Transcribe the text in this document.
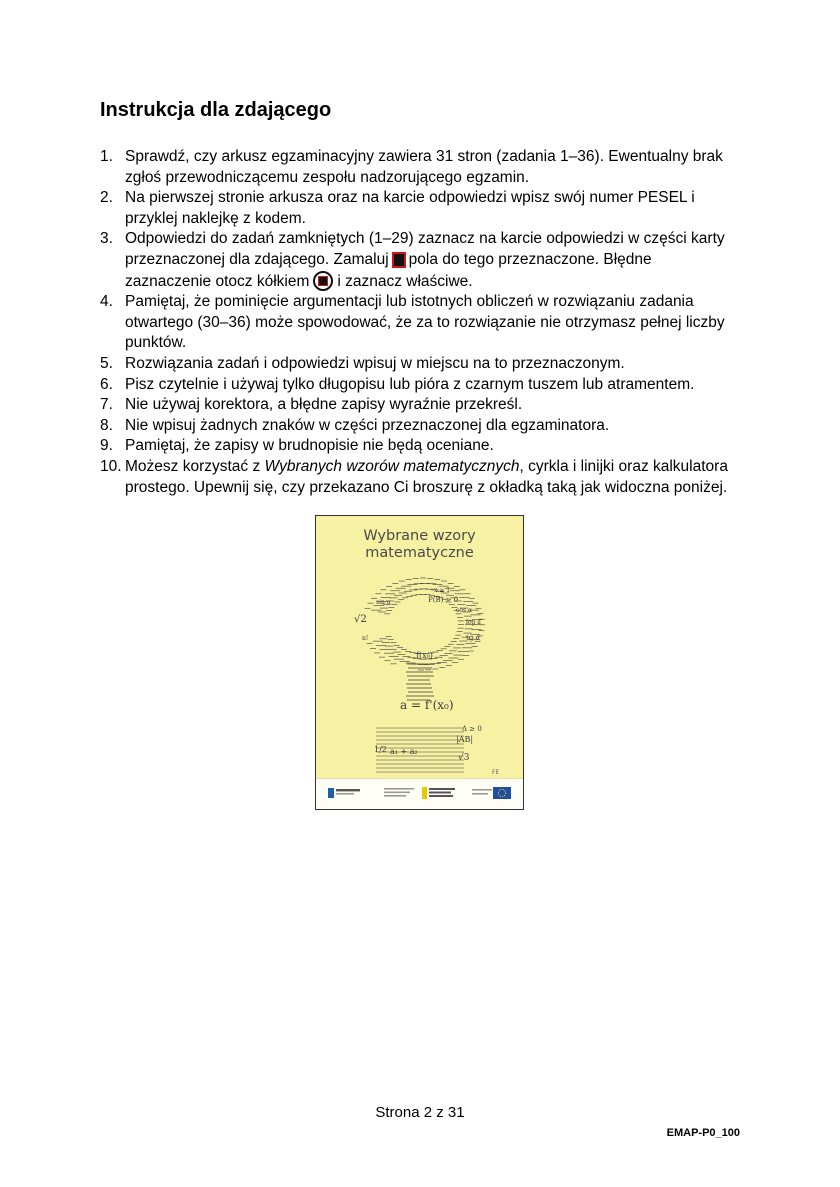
Instrukcja dla zdającego
1. Sprawdź, czy arkusz egzaminacyjny zawiera 31 stron (zadania 1–36). Ewentualny brak zgłoś przewodniczącemu zespołu nadzorującego egzamin.
2. Na pierwszej stronie arkusza oraz na karcie odpowiedzi wpisz swój numer PESEL i przyklej naklejkę z kodem.
3. Odpowiedzi do zadań zamkniętych (1–29) zaznacz na karcie odpowiedzi w części karty przeznaczonej dla zdającego. Zamaluj pola do tego przeznaczone. Błędne zaznaczenie otocz kółkiem i zaznacz właściwe.
4. Pamiętaj, że pominięcie argumentacji lub istotnych obliczeń w rozwiązaniu zadania otwartego (30–36) może spowodować, że za to rozwiązanie nie otrzymasz pełnej liczby punktów.
5. Rozwiązania zadań i odpowiedzi wpisuj w miejscu na to przeznaczonym.
6. Pisz czytelnie i używaj tylko długopisu lub pióra z czarnym tuszem lub atramentem.
7. Nie używaj korektora, a błędne zapisy wyraźnie przekreśl.
8. Nie wpisuj żadnych znaków w części przeznaczonej dla egzaminatora.
9. Pamiętaj, że zapisy w brudnopisie nie będą oceniane.
10. Możesz korzystać z Wybranych wzorów matematycznych, cyrkla i linijki oraz kalkulatora prostego. Upewnij się, czy przekazano Ci broszurę z okładką taką jak widoczna poniżej.
P(B) > 0
√2
tg α
f(x₀)
a = f'(x₀)
|AB|
a₁ + a₂
√3
1/2
sin α
log a
n!
cos α
Δ ≥ 0
x ≥ 1
FE
Wybrane wzory
matematyczne
Strona 2 z 31
EMAP-P0_100
